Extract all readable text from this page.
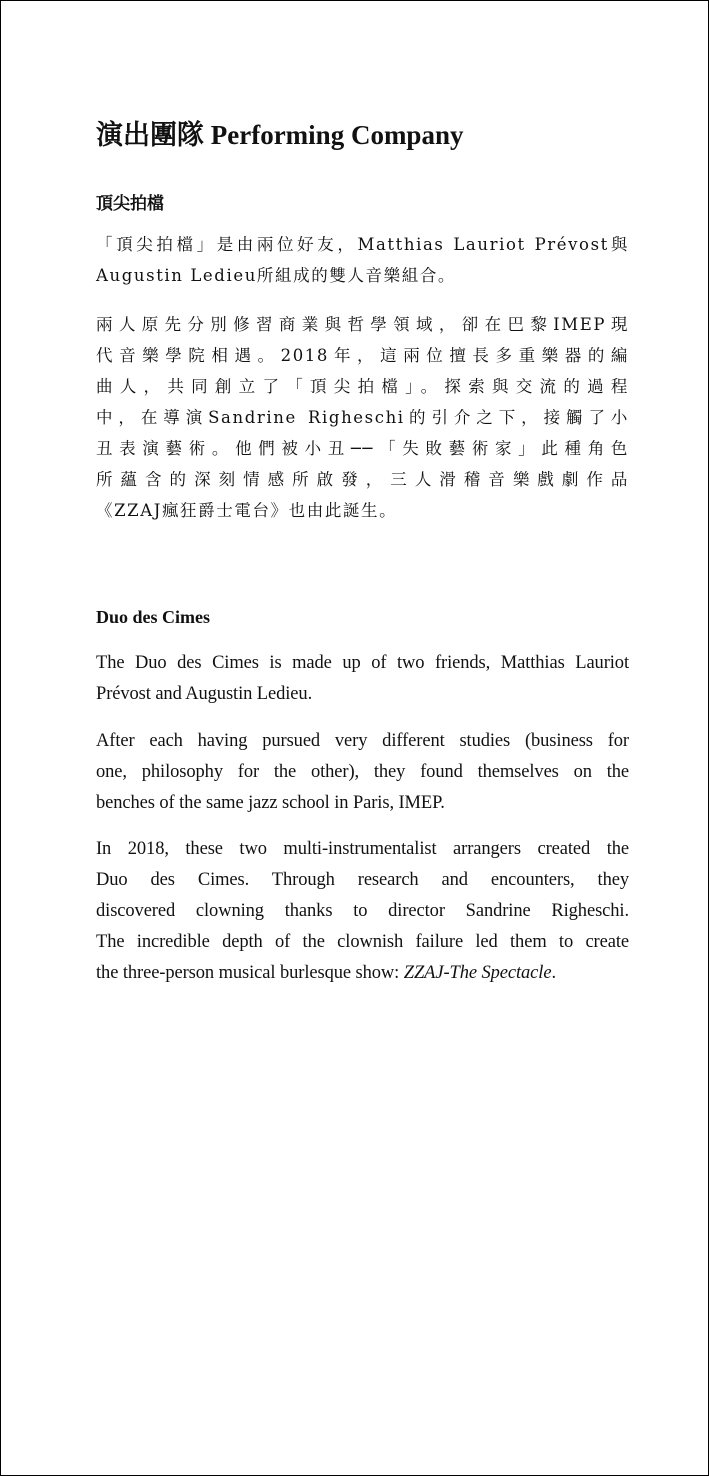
演出團隊 Performing Company
頂尖拍檔
「頂尖拍檔」是由兩位好友，Matthias Lauriot Prévost與
Augustin Ledieu所組成的雙人音樂組合。
兩人原先分別修習商業與哲學領域，卻在巴黎IMEP現
代音樂學院相遇。2018年，這兩位擅長多重樂器的編
曲人，共同創立了「頂尖拍檔」。探索與交流的過程
中，在導演Sandrine Righeschi的引介之下，接觸了小
丑表演藝術。他們被小丑──「失敗藝術家」此種角色
所蘊含的深刻情感所啟發，三人滑稽音樂戲劇作品
《ZZAJ瘋狂爵士電台》也由此誕生。
Duo des Cimes
The Duo des Cimes is made up of two friends, Matthias Lauriot
Prévost and Augustin Ledieu.
After each having pursued very different studies (business for
one, philosophy for the other), they found themselves on the
benches of the same jazz school in Paris, IMEP.
In 2018, these two multi-instrumentalist arrangers created the
Duo des Cimes. Through research and encounters, they
discovered clowning thanks to director Sandrine Righeschi.
The incredible depth of the clownish failure led them to create
the three-person musical burlesque show: ZZAJ-The Spectacle.
